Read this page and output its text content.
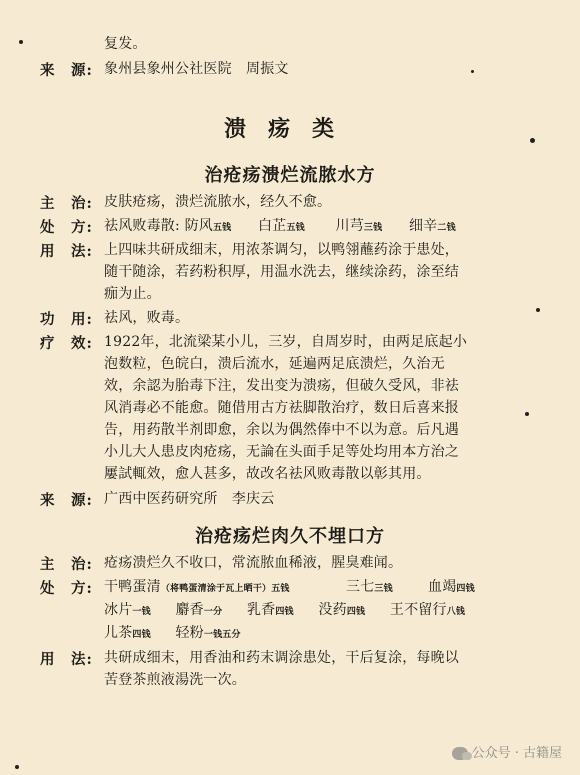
复发。
来　源: 象州县象州公社医院　周振文
溃疡类
治疮疡溃烂流脓水方
主　治: 皮肤疮疡，溃烂流脓水，经久不愈。
处　方: 祛风败毒散: 防风五钱 白芷五钱 川芎三钱 细辛二钱
用　法: 上四味共研成细末，用浓茶调匀，以鸭翎蘸药涂于患处，
随干随涂，若药粉积厚，用温水洗去，继续涂药，涂至结
痂为止。
功　用: 祛风，败毒。
疗　效: 1922年，北流梁某小儿，三岁，自周岁时，由两足底起小
泡数粒，色皖白，溃后流水，延遍两足底溃烂，久治无
效，余認为胎毒下注，发出变为溃疡，但破久受风，非祛
风消毒必不能愈。随借用古方祛脚散治疗，数日后喜来报
告，用药散半剂即愈，余以为偶然俸中不以为意。后凡遇
小儿大人患皮肉疮疡，无論在头面手足等处均用本方治之
屢試輒效，愈人甚多，故改名祛风败毒散以彰其用。
来　源: 广西中医药研究所　李庆云
治疮疡烂肉久不埋口方
主　治: 疮疡溃烂久不收口，常流脓血稀液，腥臭难闻。
处　方: 干鸭蛋清（将鸭蛋清涂于瓦上晒干）五钱	三七三钱	血竭四钱
冰片一钱 麝香一分 乳香四钱 没药四钱 王不留行八钱
儿茶四钱 轻粉一钱五分
用　法: 共研成细末，用香油和药末调涂患处，干后复涂，每晚以
苦登茶煎液湯洗一次。
公众号 · 古籍屋
